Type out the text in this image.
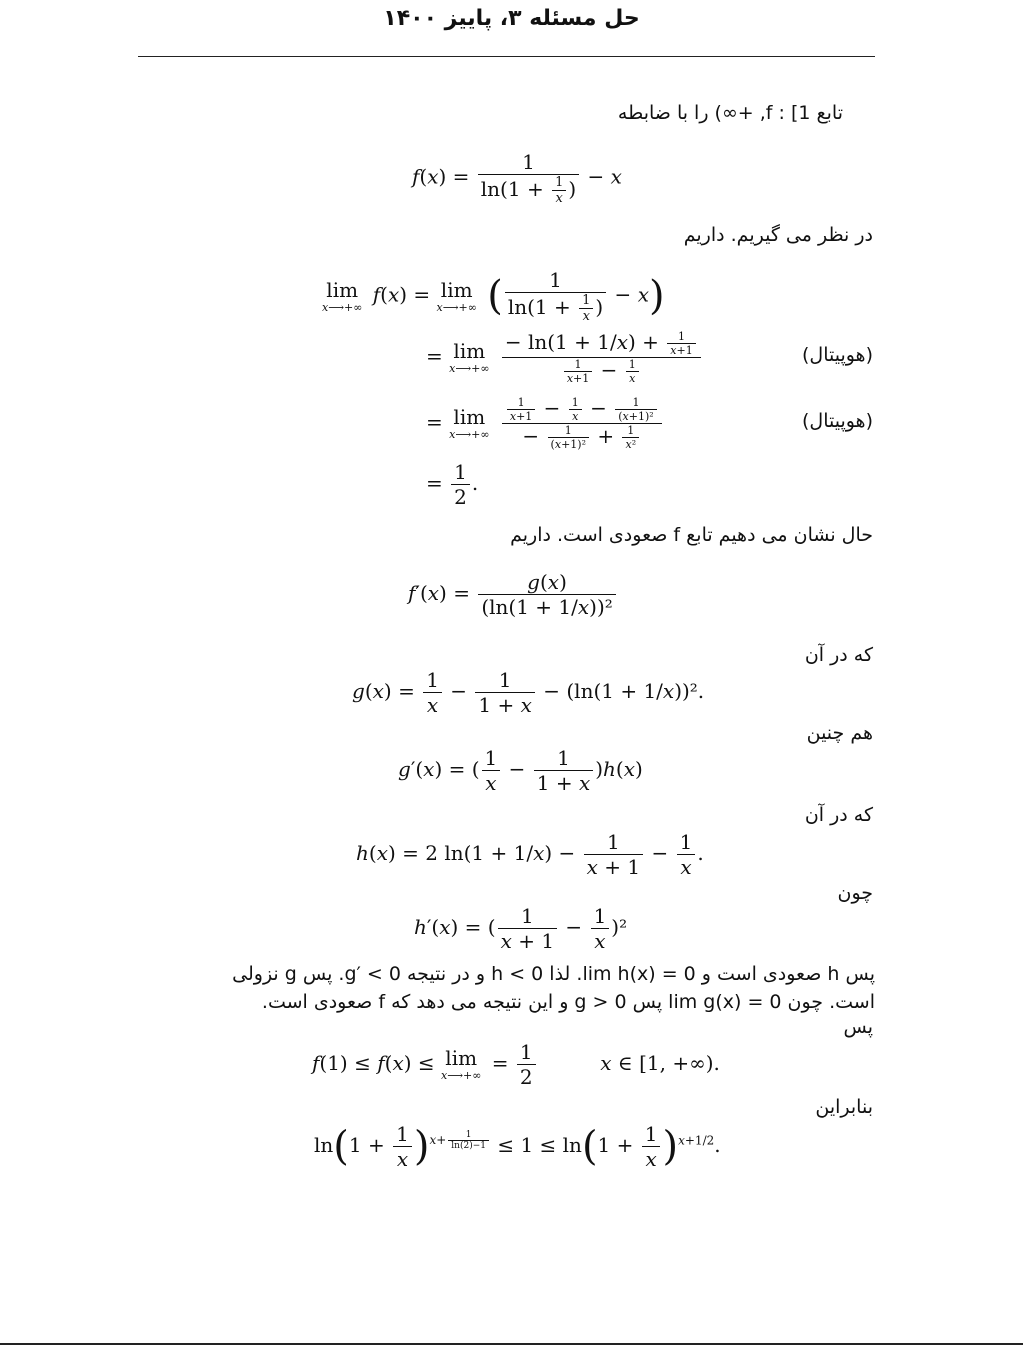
حل مسئله ۳، پاییز ۱۴۰۰
تابع f : [1, +∞) را با ضابطه
$f(x) = \frac{1}{\ln(1 + \frac{1}{x} )} - x$
در نظر می گیریم. داریم
lim
x⟶+∞
f(x) = lim
x⟶+∞ ( $\frac{1}{\ln(1 + \frac{1}{x} )} - x$)
= lim
x⟶+∞
$\frac{- \ln(1 + 1/x) + \frac{1}{x+1}}{\frac{1}{x+1} - \frac{1}{x}}$	(هوپیتال)
= lim
x⟶+∞
$\frac{\frac{1}{x+1} - \frac{1}{x} - \frac{1}{\text{(x+1)²}}}{- \frac{1}{\text{(x+1)²}} + \frac{1}{\text{x²}}}$	(هوپیتال)
= $\frac{1}{2}$ .
حال نشان می دهیم تابع f صعودی است. داریم
$f'(x) = \frac{g(x)}{\text{(ln(1 + 1/x))²}}$
که در آن
$g(x) = \frac{1}{x} - \frac{1}{1 + x} - (\ln(1 + 1/x))^2$.
هم چنین
g′(x) = ( $\frac{1}{x} - \frac{1}{1 + x} )h(x)$
که در آن
h(x) = 2 $\ln(1 + 1/x) - \frac{1}{x + 1} - \frac{1}{x}$ .
چون
h′(x) = ( $\frac{1}{x + 1} - \frac{1}{x} )^2$
پس h صعودی است و lim h(x) = 0. لذا h < 0 و در نتیجه g′ < 0. پس g نزولی
است. چون lim g(x) = 0 پس g > 0 و این نتیجه می دهد که f صعودی است.
پس
f(1) ≤ f(x) ≤ lim
x⟶+∞
= $\frac{1}{2}$	x ∈ [1, +∞).
بنابراین
$\ln(1 + \frac{1}{x} )^{x+ \frac{1}{\ln(2)-1}} \le 1 \le \ln(1 + \frac{1}{x} )^{x+1/2}$.
